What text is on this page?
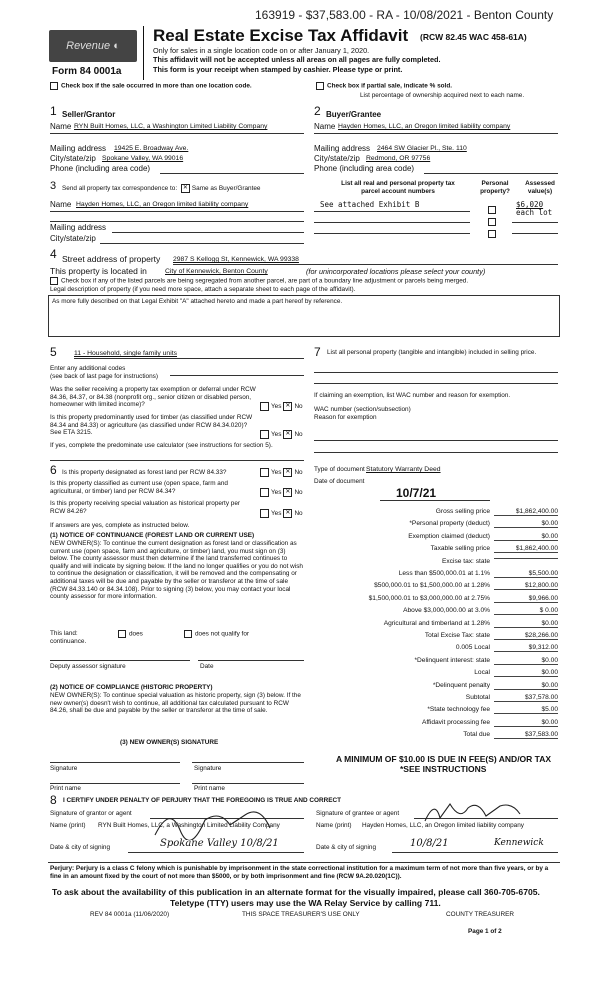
163919 - $37,583.00 - RA - 10/08/2021 - Benton County
Revenue ◐
Form 84 0001a
Real Estate Excise Tax Affidavit (RCW 82.45 WAC 458-61A)
Only for sales in a single location code on or after January 1, 2020.
This affidavit will not be accepted unless all areas on all pages are fully completed.
This form is your receipt when stamped by cashier. Please type or print.
Check box if the sale occurred in more than one location code.	Check box if partial sale, indicate % sold.
List percentage of ownership acquired next to each name.
1 Seller/Grantor
Name RYN Built Homes, LLC, a Washington Limited Liability Company
Mailing address 19425 E. Broadway Ave.
City/state/zip Spokane Valley, WA 99016
Phone (including area code)
2 Buyer/Grantee
Name Hayden Homes, LLC, an Oregon limited liability company
Mailing address 2464 SW Glacier Pl., Ste. 110
City/state/zip Redmond, OR 97756
Phone (including area code)
3 Send all property tax correspondence to: ✕ Same as Buyer/Grantee
Name Hayden Homes, LLC, an Oregon limited liability company
Mailing address
City/state/zip
List all real and personal property tax
parcel account numbers
Personal
property?
Assessed
value(s)
See attached Exhibit B	$6,020
each lot
4 Street address of property 2987 S Kellogg St, Kennewick, WA 99338
This property is located in	City of Kennewick, Benton County	(for unincorporated locations please select your county)
Check box if any of the listed parcels are being segregated from another parcel, are part of a boundary line adjustment or parcels being merged.
Legal description of property (if you need more space, attach a separate sheet to each page of the affidavit).
As more fully described on that Legal Exhibit "A" attached hereto and made a part hereof by reference.
5	11 - Household, single family units
Enter any additional codes
(see back of last page for instructions)
Was the seller receiving a property tax exemption or deferral under RCW 84.36, 84.37, or 84.38 (nonprofit org., senior citizen or disabled person, homeowner with limited income)?	Yes ✕ No
Is this property predominantly used for timber (as classified under RCW 84.34 and 84.33) or agriculture (as classified under RCW 84.34.020)? See ETA 3215.	Yes ✕ No
If yes, complete the predominate use calculator (see instructions for section 5).
6 Is this property designated as forest land per RCW 84.33?	Yes ✕ No
Is this property classified as current use (open space, farm and agricultural, or timber) land per RCW 84.34?	Yes ✕ No
Is this property receiving special valuation as historical property per RCW 84.26?	Yes ✕ No
If answers are yes, complete as instructed below.
(1) NOTICE OF CONTINUANCE (FOREST LAND OR CURRENT USE)
NEW OWNER(S): To continue the current designation as forest land or classification as current use (open space, farm and agriculture, or timber) land, you must sign on (3) below. The county assessor must then determine if the land transferred continues to qualify and will indicate by signing below. If the land no longer qualifies or you do not wish to continue the designation or classification, it will be removed and the compensating or additional taxes will be due and payable by the seller or transferor at the time of sale (RCW 84.33.140 or 84.34.108). Prior to signing (3) below, you may contact your local county assessor for more information.
This land:
continuance.
does	does not qualify for
Deputy assessor signature	Date
(2) NOTICE OF COMPLIANCE (HISTORIC PROPERTY)
NEW OWNER(S): To continue special valuation as historic property, sign (3) below. If the new owner(s) doesn't wish to continue, all additional tax calculated pursuant to RCW 84.26, shall be due and payable by the seller or transferor at the time of sale.
(3) NEW OWNER(S) SIGNATURE
Signature	Signature
Print name	Print name
7 List all personal property (tangible and intangible) included in selling price.
If claiming an exemption, list WAC number and reason for exemption.
WAC number (section/subsection)
Reason for exemption
Type of document Statutory Warranty Deed
Date of document
10/7/21
Gross selling price	$1,862,400.00
*Personal property (deduct)	$0.00
Exemption claimed (deduct)	$0.00
Taxable selling price	$1,862,400.00
Excise tax: state
Less than $500,000.01 at 1.1%	$5,500.00
$500,000.01 to $1,500,000.00 at 1.28%	$12,800.00
$1,500,000.01 to $3,000,000.00 at 2.75%	$9,966.00
Above $3,000,000.00 at 3.0%	$ 0.00
Agricultural and timberland at 1.28%	$0.00
Total Excise Tax: state	$28,266.00
0.005 Local	$9,312.00
*Delinquent interest: state	$0.00
Local	$0.00
*Delinquent penalty	$0.00
Subtotal	$37,578.00
*State technology fee	$5.00
Affidavit processing fee	$0.00
Total due	$37,583.00
A MINIMUM OF $10.00 IS DUE IN FEE(S) AND/OR TAX
*SEE INSTRUCTIONS
8 I CERTIFY UNDER PENALTY OF PERJURY THAT THE FOREGOING IS TRUE AND CORRECT
Signature of grantor or agent
Name (print) RYN Built Homes, LLC, a Washington Limited Liability Company
Date & city of signing	Spokane Valley 10/8/21
Signature of grantee or agent
Name (print) Hayden Homes, LLC, an Oregon limited liability company
Date & city of signing	10/8/21	Kennewick
Perjury: Perjury is a class C felony which is punishable by imprisonment in the state correctional institution for a maximum term of not more than five years, or by a fine in an amount fixed by the court of not more than $5000, or by both imprisonment and fine (RCW 9A.20.020(1C)).
To ask about the availability of this publication in an alternate format for the visually impaired, please call 360-705-6705.
Teletype (TTY) users may use the WA Relay Service by calling 711.
REV 84 0001a (11/06/2020)	THIS SPACE TREASURER'S USE ONLY	COUNTY TREASURER
Page 1 of 2
